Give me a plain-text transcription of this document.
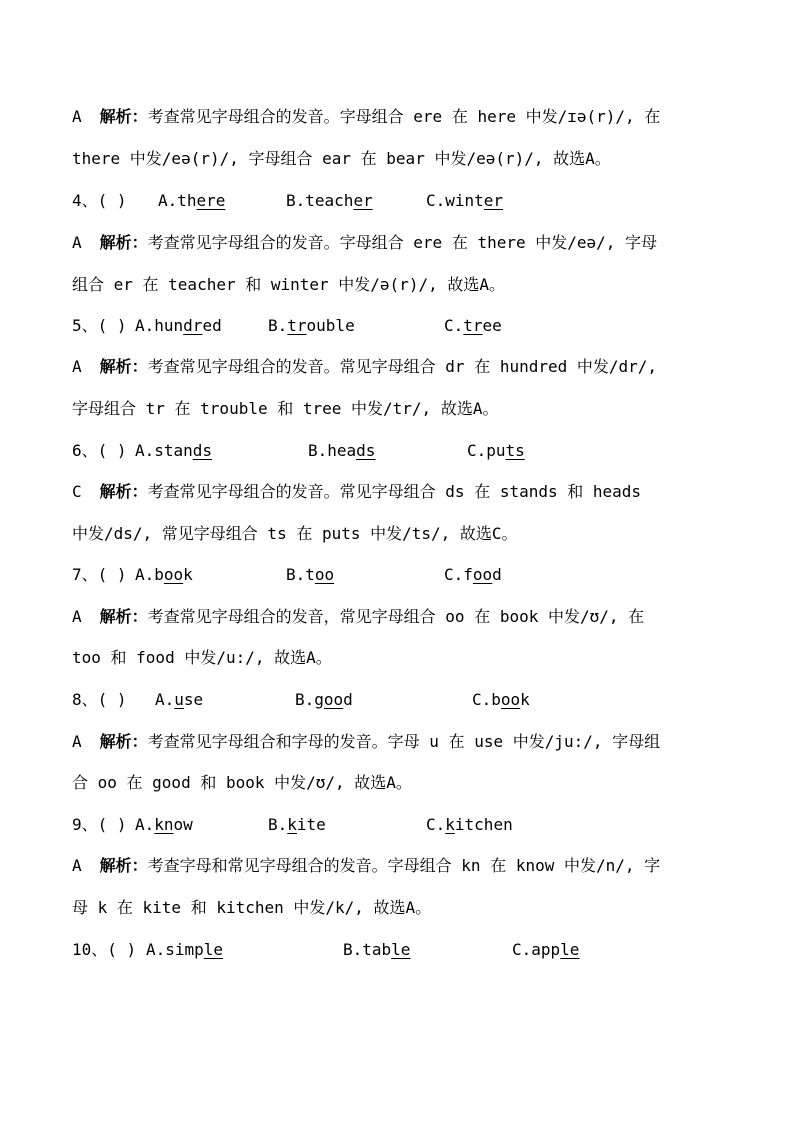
A 解析：考查常见字母组合的发音。字母组合 ere 在 here 中发/ɪə(r)/, 在
there 中发/eə(r)/, 字母组合 ear 在 bear 中发/eə(r)/, 故选A。
4、( ) A.there	B.teacher	C.winter
A 解析：考查常见字母组合的发音。字母组合 ere 在 there 中发/eə/, 字母
组合 er 在 teacher 和 winter 中发/ə(r)/, 故选A。
5、( ) A.hundred	B.trouble	C.tree
A 解析：考查常见字母组合的发音。常见字母组合 dr 在 hundred 中发/dr/,
字母组合 tr 在 trouble 和 tree 中发/tr/, 故选A。
6、( ) A.stands	B.heads	C.puts
C 解析：考查常见字母组合的发音。常见字母组合 ds 在 stands 和 heads
中发/ds/, 常见字母组合 ts 在 puts 中发/ts/, 故选C。
7、( ) A.book	B.too	C.food
A 解析：考查常见字母组合的发音，常见字母组合 oo 在 book 中发/ʊ/, 在
too 和 food 中发/u:/, 故选A。
8、( ) A.use	B.good	C.book
A 解析：考查常见字母组合和字母的发音。字母 u 在 use 中发/ju:/, 字母组
合 oo 在 good 和 book 中发/ʊ/, 故选A。
9、( ) A.know	B.kite	C.kitchen
A 解析：考查字母和常见字母组合的发音。字母组合 kn 在 know 中发/n/, 字
母 k 在 kite 和 kitchen 中发/k/, 故选A。
10、( ) A.simple	B.table	C.apple
